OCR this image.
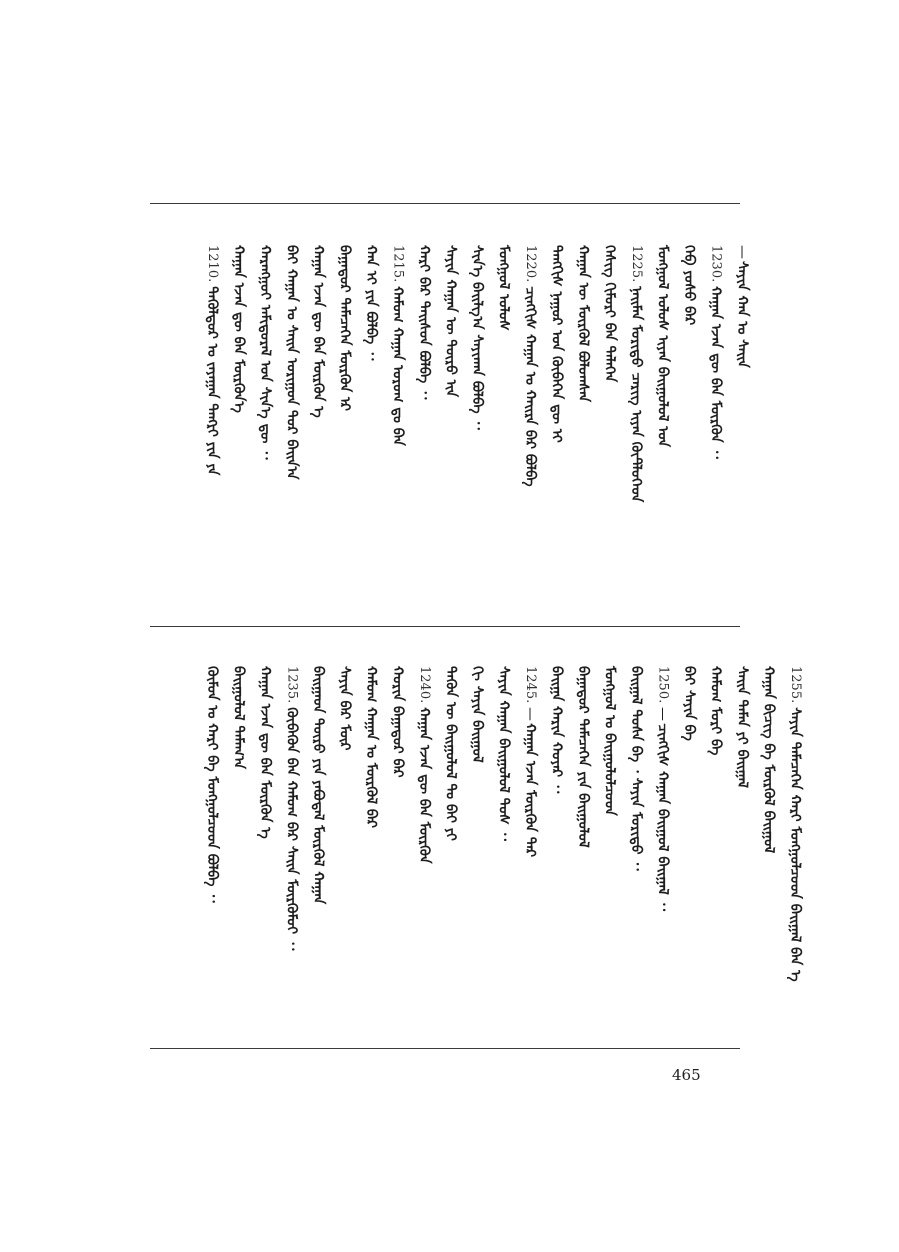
1210.ᠲᠡᠭᠦᠯᠳᠦᠷ ᠣ ᠵᠠᠶᠠᠭᠠᠨ ᠲᠡᠩᠷᠢ ᠶᠢᠨ ᠶᠡ ᠬᠠᠭᠠᠨ ᠡᠵᠡᠨ ᠳᠦ ᠪᠠᠨ ᠮᠥᠷᠭᠦᠨ᠎ᠡ ᠬᠠᠷᠠᠩᠭᠤᠢ ᠠᠮᠢᠳᠤᠷᠠᠯ ᠤᠨ ᠰᠢᠨ᠎ᠡ ᠳᠦ ᠂᠂ ᠪᠠᠢ ᠬᠠᠭᠠᠨ ᠤ ᠰᠠᠢᠨ ᠤᠷᠢᠭᠤᠨ ᠳᠤᠷ ᠪᠠᠢᠨ᠎ᠠ ᠬᠠᠭᠠᠨ ᠡᠵᠡᠨ ᠳᠦ ᠪᠠᠨ ᠮᠥᠷᠭᠦᠨ ᠡ ᠪᠠᠭᠠᠲᠤᠷ ᠲᠡᠮᠡᠴᠡᠭᠡᠨ ᠮᠥᠷᠭᠦᠨ ᠡᠷ ᠬᠠᠨ ᠢ ᠶᠢᠨ ᠪᠣᠯᠪᠠ ᠂᠂ 1215.ᠬᠠᠮᠤᠭ ᠬᠠᠭᠠᠨ ᠤᠷᠤᠭ ᠳᠤ ᠪᠠᠨ ᠬᠠᠷᠢ ᠪᠠᠷ ᠳᠠᠢᠰᠤᠨ ᠪᠣᠯᠪᠠ ᠂᠂ ᠰᠠᠶᠢᠨ ᠬᠠᠭᠠᠨ ᠦ ᠲᠥᠷᠥ ᠢᠨ ᠰᠢᠨ᠎ᠡ ᠪᠠᠢᠯᠭ᠎ᠠ ᠰᠠᠶᠢᠬᠠᠨ ᠪᠣᠯᠪᠠ ᠂᠂ ᠮᠣᠩᠭᠣᠯ ᠤᠯᠤᠰ 1220.ᠴᠢᠩᠭᠢᠰ ᠬᠠᠭᠠᠨ ᠣ ᠬᠠᠢᠷᠠ ᠪᠠᠷ ᠪᠣᠯᠪᠠ ᠲᠡᠩᠭᠢᠰ ᠨᠠᠭᠤᠷ ᠤᠨ ᠬᠥᠪᠡᠭᠡᠨ ᠳᠦ ᠢ ᠬᠠᠭᠠᠨ ᠦ ᠮᠥᠷᠭᠦᠯ ᠪᠣᠯᠤᠭᠰᠠᠨ ᠬᠡᠰᠢᠭ ᠬᠢᠮᠤᠷᠢ ᠪᠠᠨ ᠲᠡᠯᠡᠭᠡᠨ 1225.ᠨᠠᠢᠮᠠᠨ ᠮᠣᠷᠢᠲᠤ ᠴᠡᠷᠢᠭ ᠢᠶᠡᠨ ᠬᠥᠲᠯᠦᠭᠡᠳ ᠮᠣᠩᠭᠣᠯ ᠤᠯᠤᠰ ᠢᠶᠠᠨ ᠪᠠᠢᠭᠤᠯᠤᠯ ᠤᠨ ᠬᠡᠪ ᠶᠣᠰᠤ ᠪᠠᠷ 1230.ᠬᠠᠭᠠᠨ ᠡᠵᠡᠨ ᠳᠦ ᠪᠠᠨ ᠮᠥᠷᠭᠦᠨ ᠂᠂
—ᠰᠠᠶᠢᠨ ᠬᠠᠨ ᠤ ᠰᠠᠢᠨ
ᠬᠦᠮᠦᠨ ᠤ ᠬᠠᠷᠢ ᠪᠠ ᠮᠣᠩᠭᠣᠯᠴᠤᠳ ᠪᠣᠯᠪᠠ ᠂᠂ ᠪᠠᠢᠭᠤᠯᠤᠯ ᠲᠠᠮᠠᠭ᠎ᠠ ᠬᠠᠭᠠᠨ ᠡᠵᠡᠨ ᠳᠦ ᠪᠠᠨ ᠮᠥᠷᠭᠦᠨ ᠡ 1235.ᠬᠥᠪᠡᠭᠦᠨ ᠪᠠᠨ ᠬᠠᠮᠤᠭ ᠪᠡᠷ ᠰᠠᠢᠨ ᠮᠥᠷᠭᠦᠮᠦᠢ ᠂᠂ ᠪᠠᠢᠭᠠᠳ ᠲᠥᠷᠥ ᠶᠢᠨ ᠶᠠᠪᠤᠳᠠᠯ ᠮᠥᠷᠭᠦᠯ ᠬᠠᠭᠠᠨ ᠰᠠᠶᠢᠨ ᠪᠡᠷ ᠮᠥᠷ ᠬᠠᠮᠤᠭ ᠬᠠᠭᠠᠨ ᠤ ᠮᠥᠷᠭᠦᠯ ᠪᠡᠷ ᠬᠣᠷᠢᠨ ᠪᠠᠭᠠᠲᠤᠷ ᠪᠠᠷ 1240.ᠬᠠᠭᠠᠨ ᠡᠵᠡᠨ ᠳᠦ ᠪᠠᠨ ᠮᠥᠷᠭᠦᠨ ᠲᠡᠭᠦᠨ ᠦ ᠪᠠᠢᠭᠤᠯᠤᠯ ᠲᠤ ᠪᠠᠢ ᠶᠢ ᠬᠢ ᠰᠠᠶᠢᠨ ᠪᠠᠢᠭᠤᠯ ᠰᠠᠶᠢᠨ ᠬᠠᠭᠠᠨ ᠪᠠᠢᠭᠤᠯᠤᠯ ᠲᠤᠰ ᠂᠂ 1245.—ᠬᠠᠭᠠᠨ ᠡᠵᠡᠨ ᠮᠥᠷᠭᠦᠨ ᠲᠡᠷ ᠪᠠᠢᠭᠠ ᠬᠠᠷᠢᠨ ᠬᠣᠶᠠᠷ ᠂᠂ ᠪᠠᠭᠠᠲᠤᠷ ᠲᠡᠮᠡᠴᠡᠭᠡᠨ ᠶᠢᠨ ᠪᠠᠢᠭᠤᠯᠤᠯ ᠮᠣᠩᠭᠣᠯ ᠤ ᠪᠠᠢᠭᠤᠯᠤᠯᠴᠤᠳ ᠪᠠᠢᠭᠠᠯ ᠲᠤᠰᠠ ᠪᠠ ᠂ ᠰᠠᠶᠢᠨ ᠮᠣᠷᠢᠲᠤ ᠂᠂ 1250.—ᠴᠢᠩᠭᠢᠰ ᠬᠠᠭᠠᠨ ᠪᠠᠢᠭᠤᠯ ᠪᠠᠢᠭᠠᠯ ᠂᠂
ᠪᠠᠢ ᠰᠠᠶᠢᠨ ᠪᠠ ᠬᠠᠮᠤᠭ ᠮᠣᠷᠢ ᠪᠠ ᠰᠠᠢᠨ ᠲᠡᠮᠡᠨ ᠶᠢ ᠪᠠᠢᠭᠠᠯ ᠬᠠᠭᠠᠨ ᠪᠢᠴᠢᠭ ᠪᠠ ᠮᠥᠷᠭᠦᠯ ᠪᠠᠢᠭᠤᠯ 1255.ᠰᠠᠶᠢᠨ ᠲᠡᠮᠡᠴᠡᠭᠡᠨ ᠬᠠᠷᠢ ᠮᠣᠩᠭᠣᠯᠴᠤᠳ ᠪᠠᠢᠭᠠᠯ ᠪᠠᠨ ᠡ
465
